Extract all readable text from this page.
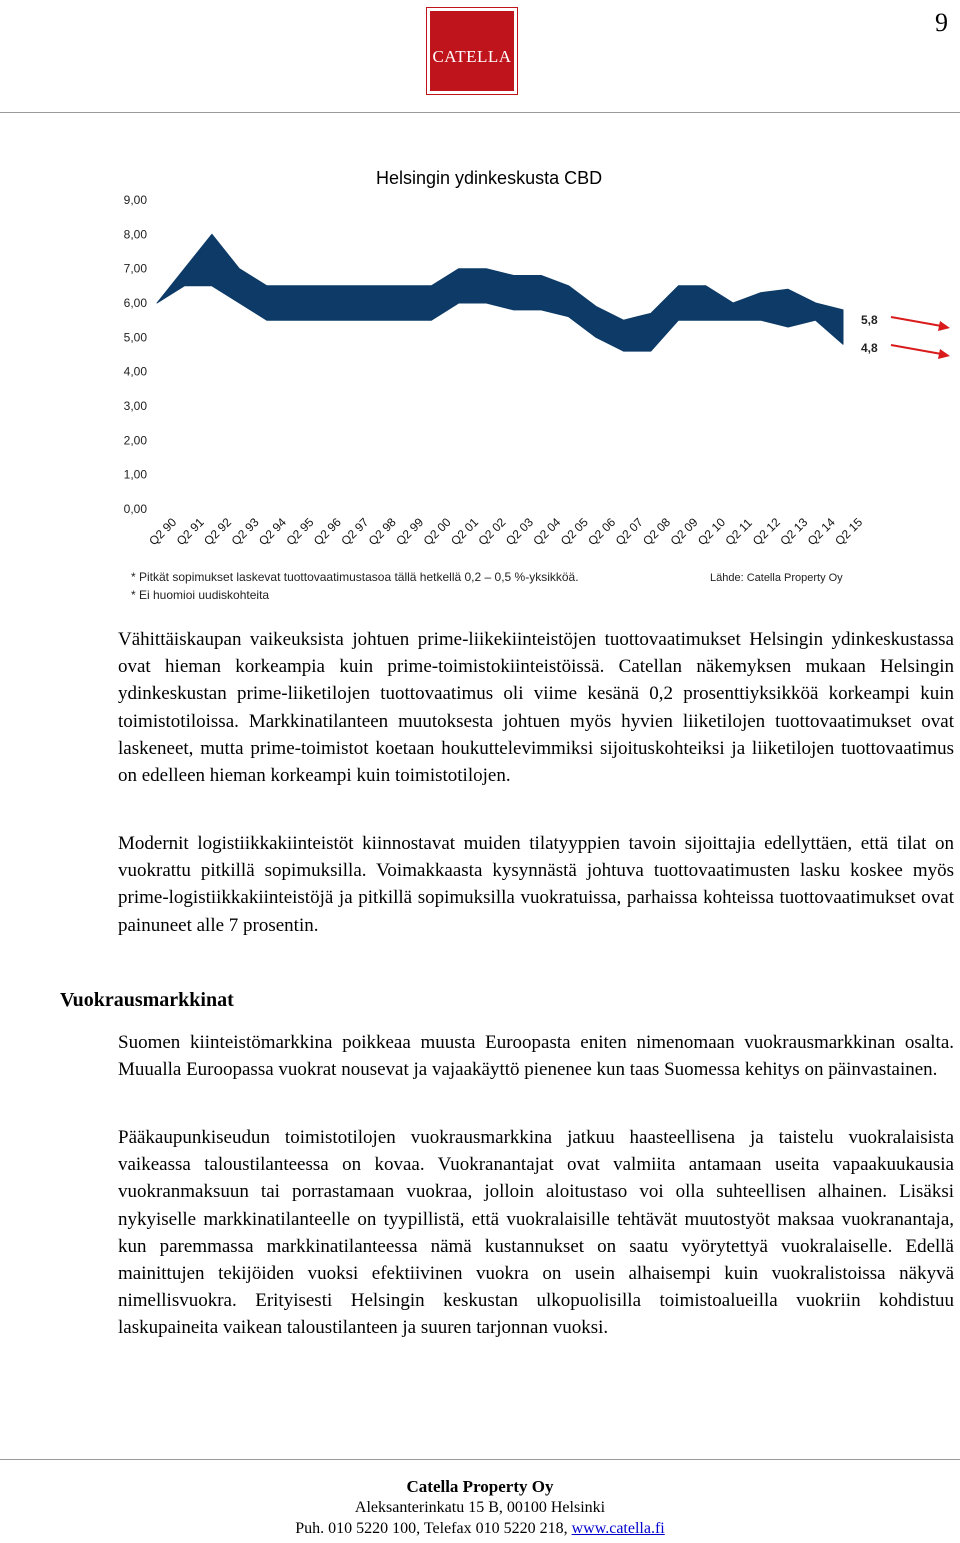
9
CATELLA
0,00
1,00
2,00
3,00
4,00
5,00
6,00
7,00
8,00
9,00
Q2 90
Q2 91
Q2 92
Q2 93
Q2 94
Q2 95
Q2 96
Q2 97
Q2 98
Q2 99
Q2 00
Q2 01
Q2 02
Q2 03
Q2 04
Q2 05
Q2 06
Q2 07
Q2 08
Q2 09
Q2 10
Q2 11
Q2 12
Q2 13
Q2 14
Q2 15
5,8
4,8
Helsingin ydinkeskusta CBD
* Pitkät sopimukset laskevat tuottovaatimustasoa tällä hetkellä 0,2 – 0,5 %-yksikköä.
* Ei huomioi uudiskohteita
Lähde: Catella Property Oy

Vähittäiskaupan vaikeuksista johtuen prime-liikekiinteistöjen tuottovaatimukset Helsingin ydinkeskustassa ovat hieman korkeampia kuin prime-toimistokiinteistöissä. Catellan näkemyksen mukaan Helsingin ydinkeskustan prime-liiketilojen tuottovaatimus oli viime kesänä 0,2 prosenttiyksikköä korkeampi kuin toimistotiloissa. Markkinatilanteen muutoksesta johtuen myös hyvien liiketilojen tuottovaatimukset ovat laskeneet, mutta prime-toimistot koetaan houkuttelevimmiksi sijoituskohteiksi ja liiketilojen tuottovaatimus on edelleen hieman korkeampi kuin toimistotilojen.

Modernit logistiikkakiinteistöt kiinnostavat muiden tilatyyppien tavoin sijoittajia edellyttäen, että tilat on vuokrattu pitkillä sopimuksilla. Voimakkaasta kysynnästä johtuva tuottovaatimusten lasku koskee myös prime-logistiikkakiinteistöjä ja pitkillä sopimuksilla vuokratuissa, parhaissa kohteissa tuottovaatimukset ovat painuneet alle 7 prosentin.

Vuokrausmarkkinat

Suomen kiinteistömarkkina poikkeaa muusta Euroopasta eniten nimenomaan vuokrausmarkkinan osalta. Muualla Euroopassa vuokrat nousevat ja vajaakäyttö pienenee kun taas Suomessa kehitys on päinvastainen.

Pääkaupunkiseudun toimistotilojen vuokrausmarkkina jatkuu haasteellisena ja taistelu vuokralaisista vaikeassa taloustilanteessa on kovaa. Vuokranantajat ovat valmiita antamaan useita vapaakuukausia vuokranmaksuun tai porrastamaan vuokraa, jolloin aloitustaso voi olla suhteellisen alhainen. Lisäksi nykyiselle markkinatilanteelle on tyypillistä, että vuokralaisille tehtävät muutostyöt maksaa vuokranantaja, kun paremmassa markkinatilanteessa nämä kustannukset on saatu vyörytettyä vuokralaiselle. Edellä mainittujen tekijöiden vuoksi efektiivinen vuokra on usein alhaisempi kuin vuokralistoissa näkyvä nimellisvuokra. Erityisesti Helsingin keskustan ulkopuolisilla toimistoalueilla vuokriin kohdistuu laskupaineita vaikean taloustilanteen ja suuren tarjonnan vuoksi.

Catella Property Oy
Aleksanterinkatu 15 B, 00100 Helsinki
Puh. 010 5220 100, Telefax 010 5220 218, www.catella.fi
